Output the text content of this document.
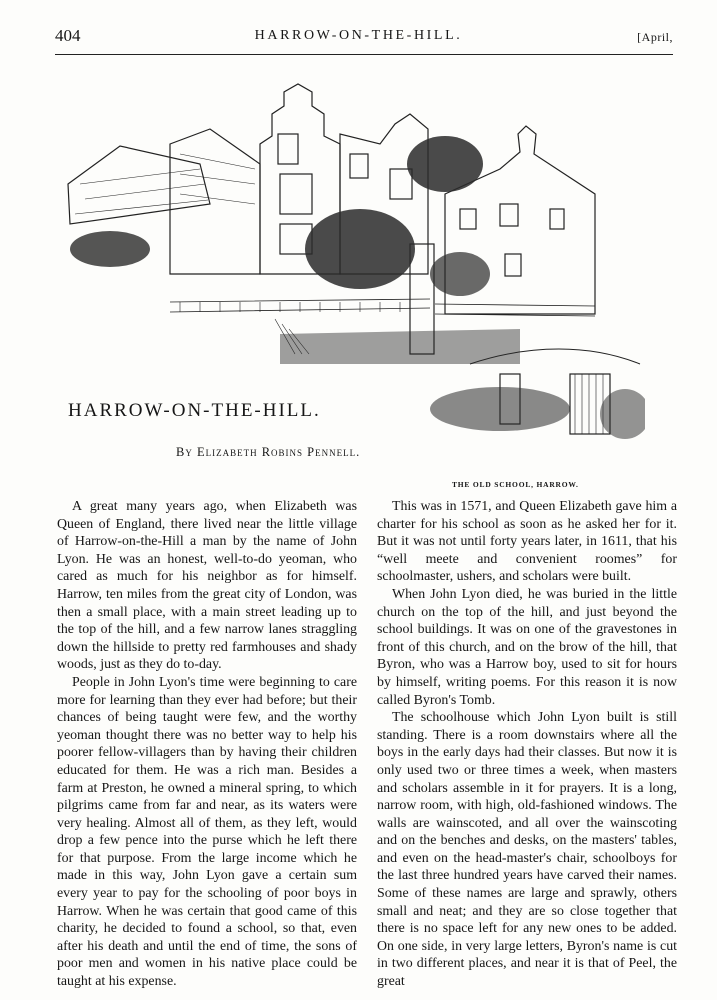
404	HARROW-ON-THE-HILL.	[April,
HARROW-ON-THE-HILL.
By Elizabeth Robins Pennell.
THE OLD SCHOOL, HARROW.

A great many years ago, when Elizabeth was Queen of England, there lived near the little village of Harrow-on-the-Hill a man by the name of John Lyon. He was an honest, well-to-do yeoman, who cared as much for his neighbor as for himself. Harrow, ten miles from the great city of London, was then a small place, with a main street leading up to the top of the hill, and a few narrow lanes straggling down the hillside to pretty red farmhouses and shady woods, just as they do to-day.

People in John Lyon's time were beginning to care more for learning than they ever had before; but their chances of being taught were few, and the worthy yeoman thought there was no better way to help his poorer fellow-villagers than by having their children educated for them. He was a rich man. Besides a farm at Preston, he owned a mineral spring, to which pilgrims came from far and near, as its waters were very healing. Almost all of them, as they left, would drop a few pence into the purse which he left there for that purpose. From the large income which he made in this way, John Lyon gave a certain sum every year to pay for the schooling of poor boys in Harrow. When he was certain that good came of this charity, he decided to found a school, so that, even after his death and until the end of time, the sons of poor men and women in his native place could be taught at his expense.

This was in 1571, and Queen Elizabeth gave him a charter for his school as soon as he asked her for it. But it was not until forty years later, in 1611, that his “well meete and convenient roomes” for schoolmaster, ushers, and scholars were built.

When John Lyon died, he was buried in the little church on the top of the hill, and just beyond the school buildings. It was on one of the gravestones in front of this church, and on the brow of the hill, that Byron, who was a Harrow boy, used to sit for hours by himself, writing poems. For this reason it is now called Byron's Tomb.

The schoolhouse which John Lyon built is still standing. There is a room downstairs where all the boys in the early days had their classes. But now it is only used two or three times a week, when masters and scholars assemble in it for prayers. It is a long, narrow room, with high, old-fashioned windows. The walls are wainscoted, and all over the wainscoting and on the benches and desks, on the masters' tables, and even on the head-master's chair, schoolboys for the last three hundred years have carved their names. Some of these names are large and sprawly, others small and neat; and they are so close together that there is no space left for any new ones to be added. On one side, in very large letters, Byron's name is cut in two different places, and near it is that of Peel, the great
